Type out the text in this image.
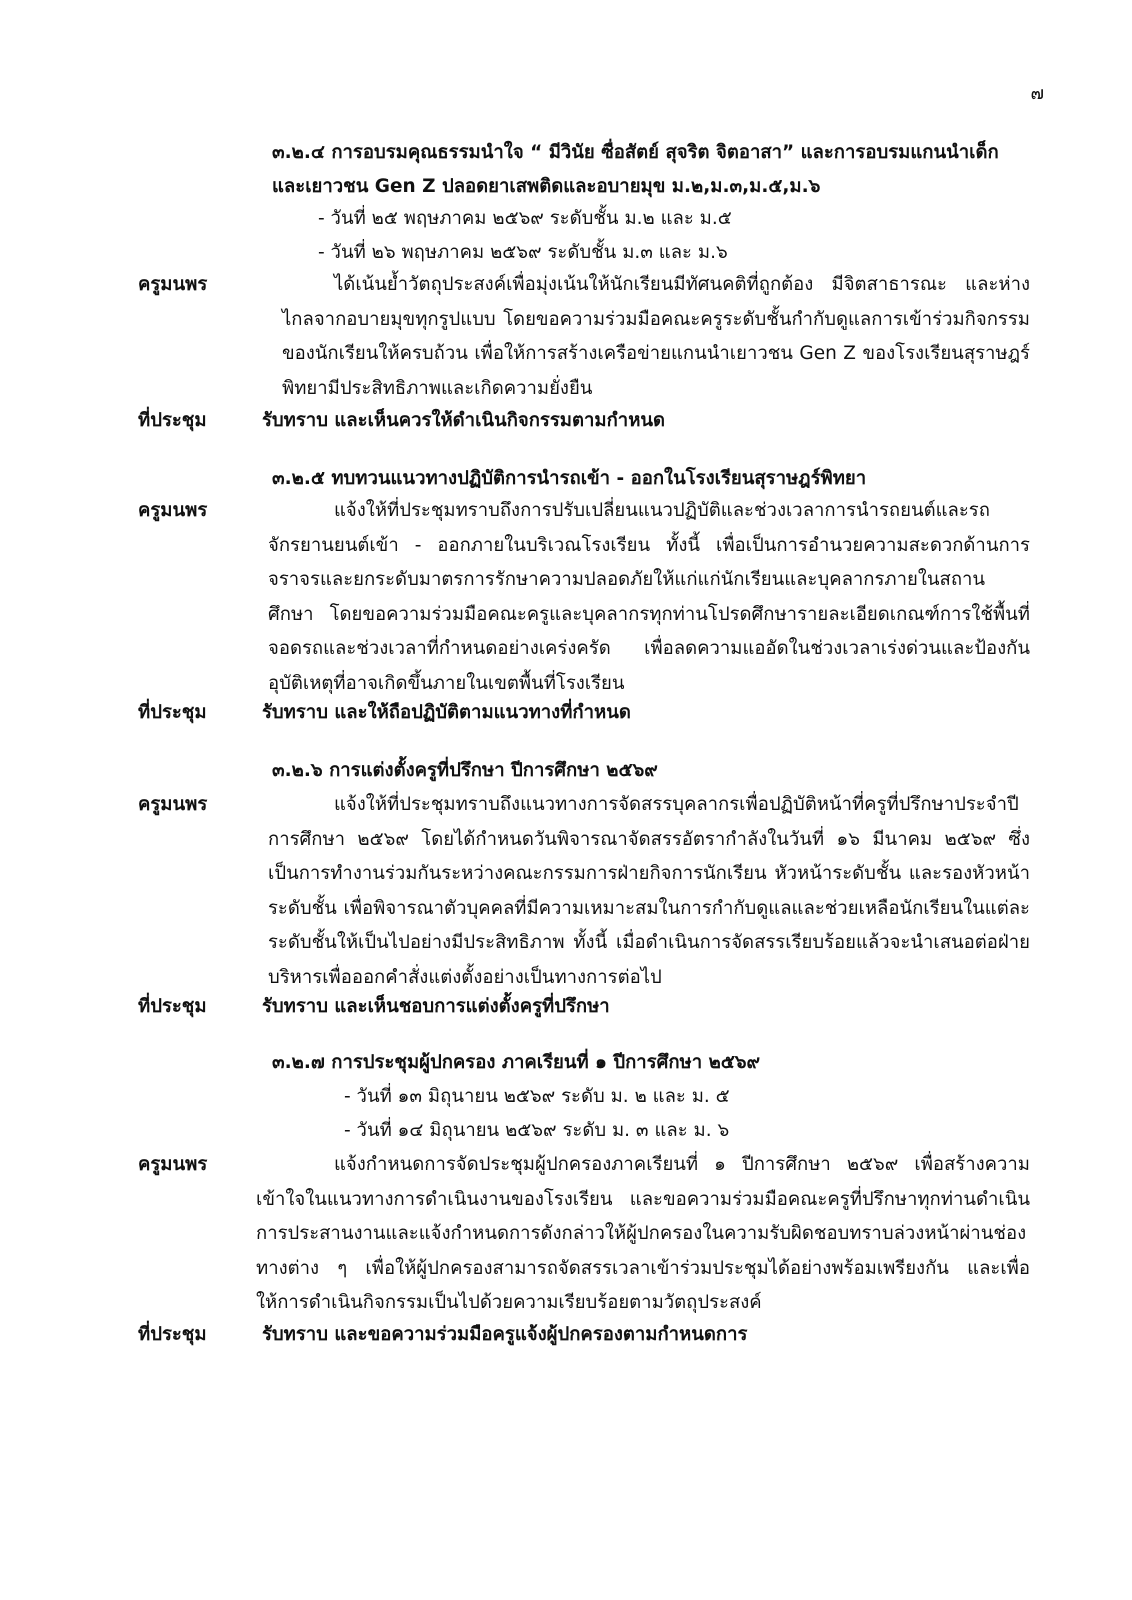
๗
๓.๒.๔ การอบรมคุณธรรมนำใจ “ มีวินัย ซื่อสัตย์ สุจริต จิตอาสา” และการอบรมแกนนำเด็ก
และเยาวชน Gen Z ปลอดยาเสพติดและอบายมุข ม.๒,ม.๓,ม.๕,ม.๖
- วันที่ ๒๕ พฤษภาคม ๒๕๖๙ ระดับชั้น ม.๒ และ ม.๕
- วันที่ ๒๖ พฤษภาคม ๒๕๖๙ ระดับชั้น ม.๓ และ ม.๖
ครูมนพร	ได้เน้นย้ำวัตถุประสงค์เพื่อมุ่งเน้นให้นักเรียนมีทัศนคติที่ถูกต้อง มีจิตสาธารณะ และห่างไกลจากอบายมุขทุกรูปแบบ โดยขอความร่วมมือคณะครูระดับชั้นกำกับดูแลการเข้าร่วมกิจกรรมของนักเรียนให้ครบถ้วน เพื่อให้การสร้างเครือข่ายแกนนำเยาวชน Gen Z ของโรงเรียนสุราษฎร์พิทยามีประสิทธิภาพและเกิดความยั่งยืน
ที่ประชุม	รับทราบ และเห็นควรให้ดำเนินกิจกรรมตามกำหนด
๓.๒.๕ ทบทวนแนวทางปฏิบัติการนำรถเข้า - ออกในโรงเรียนสุราษฎร์พิทยา
ครูมนพร	แจ้งให้ที่ประชุมทราบถึงการปรับเปลี่ยนแนวปฏิบัติและช่วงเวลาการนำรถยนต์และรถจักรยานยนต์เข้า - ออกภายในบริเวณโรงเรียน ทั้งนี้ เพื่อเป็นการอำนวยความสะดวกด้านการจราจรและยกระดับมาตรการรักษาความปลอดภัยให้แก่แก่นักเรียนและบุคลากรภายในสถานศึกษา โดยขอความร่วมมือคณะครูและบุคลากรทุกท่านโปรดศึกษารายละเอียดเกณฑ์การใช้พื้นที่จอดรถและช่วงเวลาที่กำหนดอย่างเคร่งครัด เพื่อลดความแออัดในช่วงเวลาเร่งด่วนและป้องกันอุบัติเหตุที่อาจเกิดขึ้นภายในเขตพื้นที่โรงเรียน
ที่ประชุม	รับทราบ และให้ถือปฏิบัติตามแนวทางที่กำหนด
๓.๒.๖ การแต่งตั้งครูที่ปรึกษา ปีการศึกษา ๒๕๖๙
ครูมนพร	แจ้งให้ที่ประชุมทราบถึงแนวทางการจัดสรรบุคลากรเพื่อปฏิบัติหน้าที่ครูที่ปรึกษาประจำปีการศึกษา ๒๕๖๙ โดยได้กำหนดวันพิจารณาจัดสรรอัตรากำลังในวันที่ ๑๖ มีนาคม ๒๕๖๙ ซึ่งเป็นการทำงานร่วมกันระหว่างคณะกรรมการฝ่ายกิจการนักเรียน หัวหน้าระดับชั้น และรองหัวหน้าระดับชั้น เพื่อพิจารณาตัวบุคคลที่มีความเหมาะสมในการกำกับดูแลและช่วยเหลือนักเรียนในแต่ละระดับชั้นให้เป็นไปอย่างมีประสิทธิภาพ ทั้งนี้ เมื่อดำเนินการจัดสรรเรียบร้อยแล้วจะนำเสนอต่อฝ่ายบริหารเพื่อออกคำสั่งแต่งตั้งอย่างเป็นทางการต่อไป
ที่ประชุม	รับทราบ และเห็นชอบการแต่งตั้งครูที่ปรึกษา
๓.๒.๗ การประชุมผู้ปกครอง ภาคเรียนที่ ๑ ปีการศึกษา ๒๕๖๙
- วันที่ ๑๓ มิถุนายน ๒๕๖๙ ระดับ ม. ๒ และ ม. ๕
- วันที่ ๑๔ มิถุนายน ๒๕๖๙ ระดับ ม. ๓ และ ม. ๖
ครูมนพร	แจ้งกำหนดการจัดประชุมผู้ปกครองภาคเรียนที่ ๑ ปีการศึกษา ๒๕๖๙ เพื่อสร้างความเข้าใจในแนวทางการดำเนินงานของโรงเรียน และขอความร่วมมือคณะครูที่ปรึกษาทุกท่านดำเนินการประสานงานและแจ้งกำหนดการดังกล่าวให้ผู้ปกครองในความรับผิดชอบทราบล่วงหน้าผ่านช่องทางต่าง ๆ เพื่อให้ผู้ปกครองสามารถจัดสรรเวลาเข้าร่วมประชุมได้อย่างพร้อมเพรียงกัน และเพื่อให้การดำเนินกิจกรรมเป็นไปด้วยความเรียบร้อยตามวัตถุประสงค์
ที่ประชุม	รับทราบ และขอความร่วมมือครูแจ้งผู้ปกครองตามกำหนดการ
